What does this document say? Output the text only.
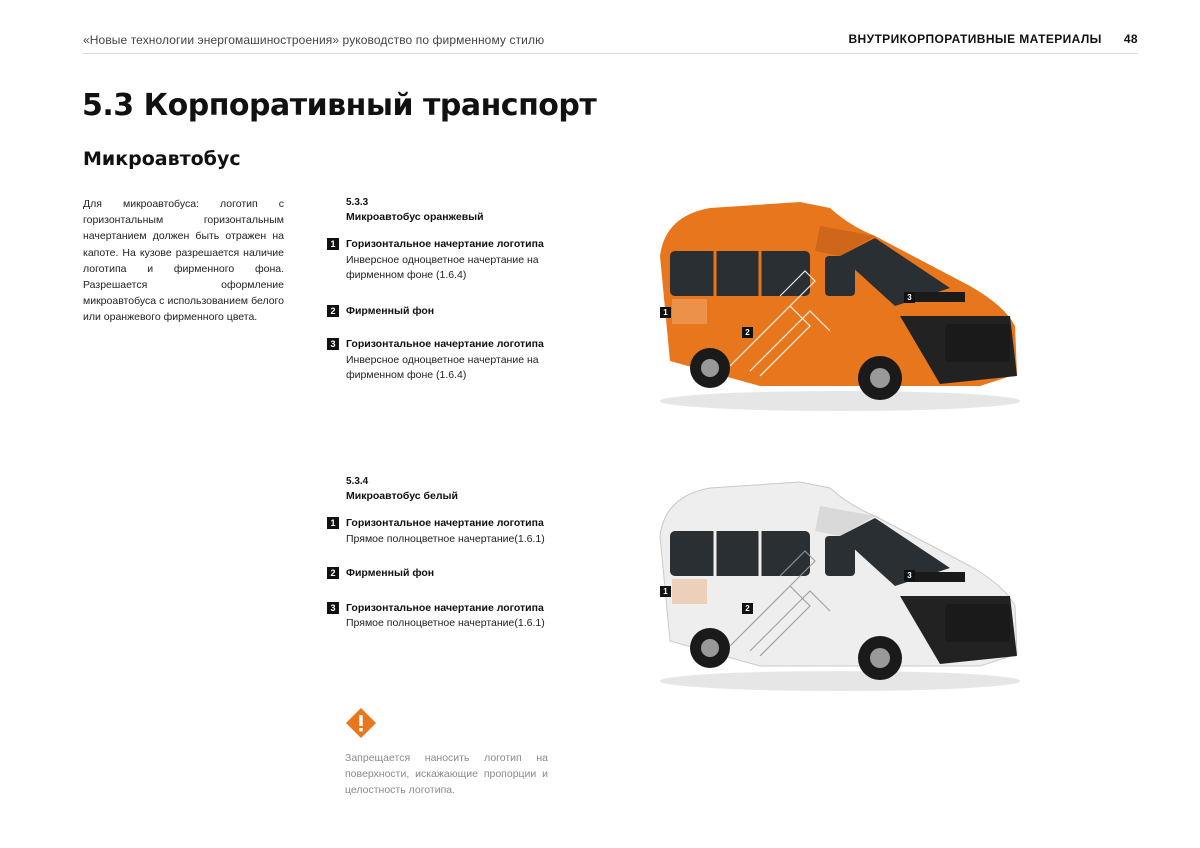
«Новые технологии энергомашиностроения» руководство по фирменному стилю	ВНУТРИКОРПОРАТИВНЫЕ МАТЕРИАЛЫ 48
5.3 Корпоративный транспорт
Микроавтобус

Для микроавтобуса: логотип с горизонтальным горизонтальным начертанием должен быть отражен на капоте. На кузове разрешается наличие логотипа и фирменного фона. Разрешается оформление микроавтобуса с использованием белого или оранжевого фирменного цвета.

5.3.3
Микроавтобус оранжевый
1	Горизонтальное начертание логотипа
Инверсное одноцветное начертание на фирменном фоне (1.6.4)
2	Фирменный фон
3	Горизонтальное начертание логотипа
Инверсное одноцветное начертание на фирменном фоне (1.6.4)
5.3.4
Микроавтобус белый
1	Горизонтальное начертание логотипа
Прямое полноцветное начертание(1.6.1)
2	Фирменный фон
3	Горизонтальное начертание логотипа
Прямое полноцветное начертание(1.6.1)

Запрещается наносить логотип на поверхности, искажающие пропорции и целостность логотипа.

1
2
3
1
2
3
